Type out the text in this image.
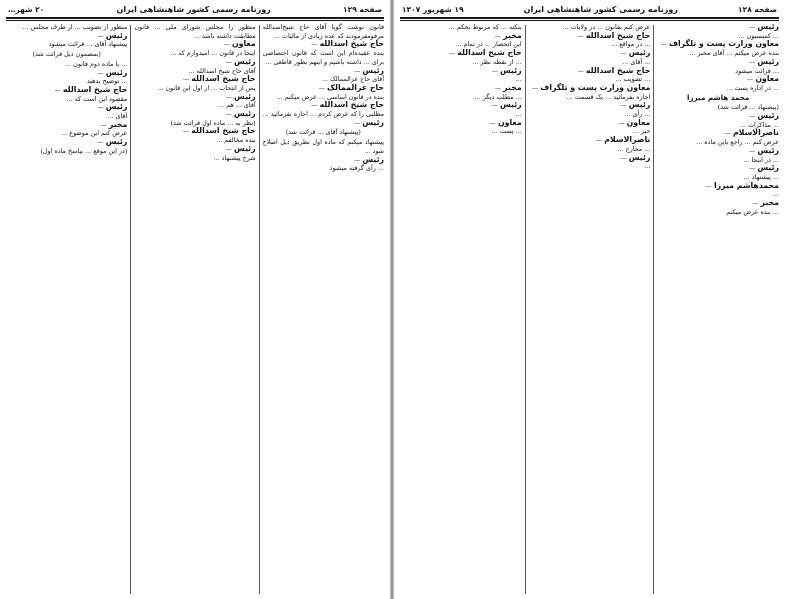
صفحه ۱۲۹
روزنامه رسمی کشور شاهنشاهی ایران
۲۰ شهر…

قانون نوشت گویا آقای حاج شیخ‌اسدالله مرقومفرمودند که عده زیادی از مالیات ...

حاج شیخ اسدالله —

بنده عقیده‌ام این است که قانون اختصاصی برای ... داشته باشیم و اینهم بطور قاطعی ...

رئیس —

آقای حاج عزالممالک ...

حاج عزالممالک —

بنده در قانون اساسی ... عرض میکنم ...

حاج شیخ اسدالله —

مطلبی را که عرض کردم ... اجازه بفرمائید ...

رئیس —

(پیشنهاد آقای ... قرائت شد)

پیشنهاد میکنم که ماده اول بطریق ذیل اصلاح شود ...

رئیس —

... رأی گرفته میشود

منظور را مجلس شورای ملی ... قانون مطابقت داشته باشد ...

معاون —

اینجا در قانون ... امیدوارم که ...

رئیس —

آقای حاج شیخ اسدالله ...

حاج شیخ اسدالله —

پس از انتخاب ... از اول این قانون ...

رئیس —

آقای ... هم ...

رئیس —

(نظر به ... ماده اول قرائت شد)

حاج شیخ اسدالله —

بنده مخالفم ...

رئیس —

شرح پیشنهاد ...

منظور از تصویب ... از طرف مجلس ...

رئیس —

پیشنهاد آقای ... قرائت میشود

(بمضمون ذیل قرائت شد)

... یا ماده دوم قانون ...

رئیس —

... توضیح بدهید

حاج شیخ اسدالله —

مقصود این است که ...

رئیس —

آقای ...

مخبر —

عرض کنم این موضوع ...

رئیس —

(در این موقع ... بپاسخ ماده اول)

صفحه ۱۲۸
روزنامه رسمی کشور شاهنشاهی ایران
۱۹ شهریور ۱۳۰۷

رئیس —

... کمیسیون ...

معاون وزارت پست و تلگراف —

بنده عرض میکنم ... آقای مخبر ...

رئیس —

... قرائت میشود

معاون —

... در اداره پست ...

محمد هاشم میرزا

(پیشنهاد ... قرائت شد)

رئیس —

... مذاکرات ...

ناصرالاسلام —

عرض کنم ... راجع باین ماده ...

رئیس —

... در اینجا ...

رئیس —

... پیشنهاد ...

محمدهاشم میرزا —

...

مخبر —

... بنده عرض میکنم

عرض کنم بقانون ... در ولایات ...

حاج شیخ اسدالله —

... در مواقع ...

رئیس —

... آقای ...

حاج شیخ اسدالله —

... تصویب ...

معاون وزارت پست و تلگراف —

اجازه بفرمائید ... یک قسمت ...

رئیس —

... رأی ...

معاون —

خیر ...

ناصرالاسلام —

... مخارج ...

رئیس —

...

بنکته ... که مربوط بحکم ...

مخبر —

این انحصار ... در تمام ...

حاج شیخ اسدالله —

... از نقطه نظر ...

رئیس —

...

مخبر —

... مطلب دیگر ...

رئیس —

...

معاون —

... پست ...
